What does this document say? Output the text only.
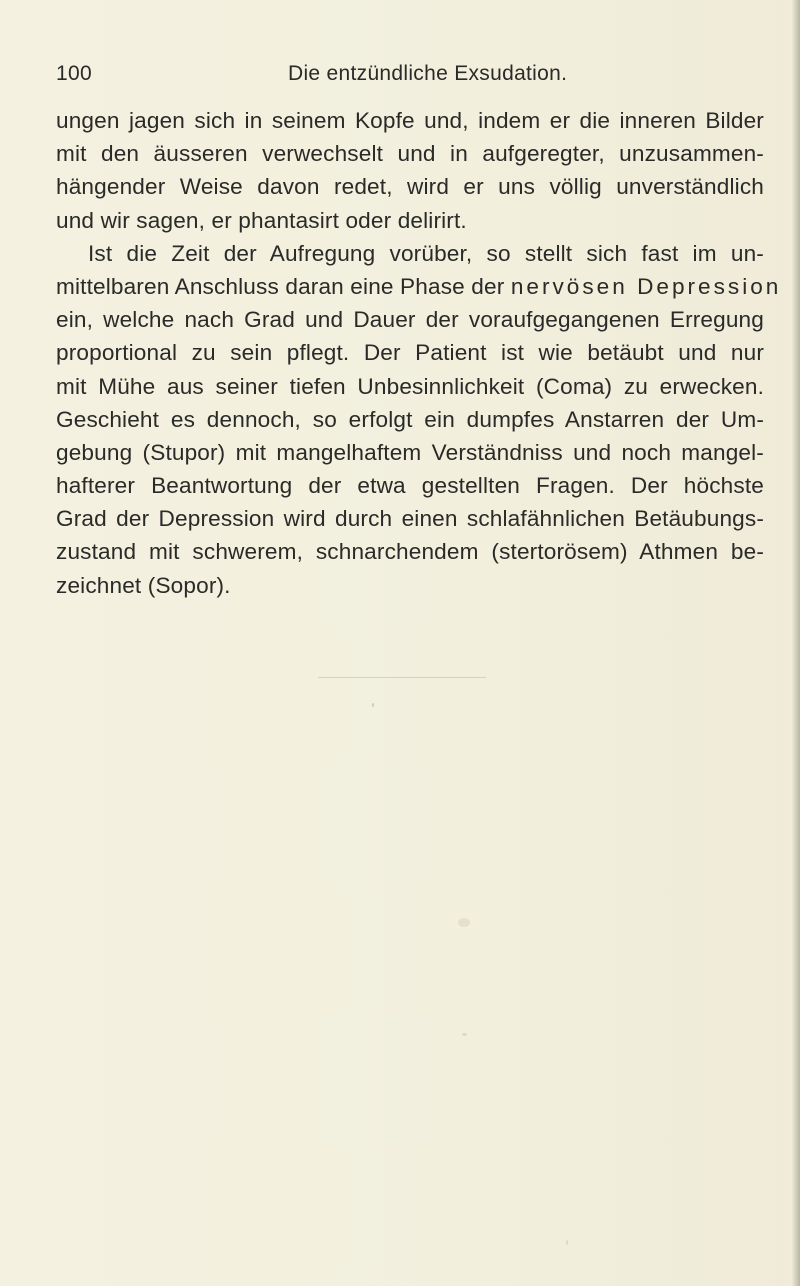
100	Die entzündliche Exsudation.
ungen jagen sich in seinem Kopfe und, indem er die inneren Bilder
mit den äusseren verwechselt und in aufgeregter, unzusammen-
hängender Weise davon redet, wird er uns völlig unverständlich
und wir sagen, er phantasirt oder delirirt.
Ist die Zeit der Aufregung vorüber, so stellt sich fast im un-
mittelbaren Anschluss daran eine Phase der nervösen Depression
ein, welche nach Grad und Dauer der voraufgegangenen Erregung
proportional zu sein pflegt. Der Patient ist wie betäubt und nur
mit Mühe aus seiner tiefen Unbesinnlichkeit (Coma) zu erwecken.
Geschieht es dennoch, so erfolgt ein dumpfes Anstarren der Um-
gebung (Stupor) mit mangelhaftem Verständniss und noch mangel-
hafterer Beantwortung der etwa gestellten Fragen. Der höchste
Grad der Depression wird durch einen schlafähnlichen Betäubungs-
zustand mit schwerem, schnarchendem (stertorösem) Athmen be-
zeichnet (Sopor).
